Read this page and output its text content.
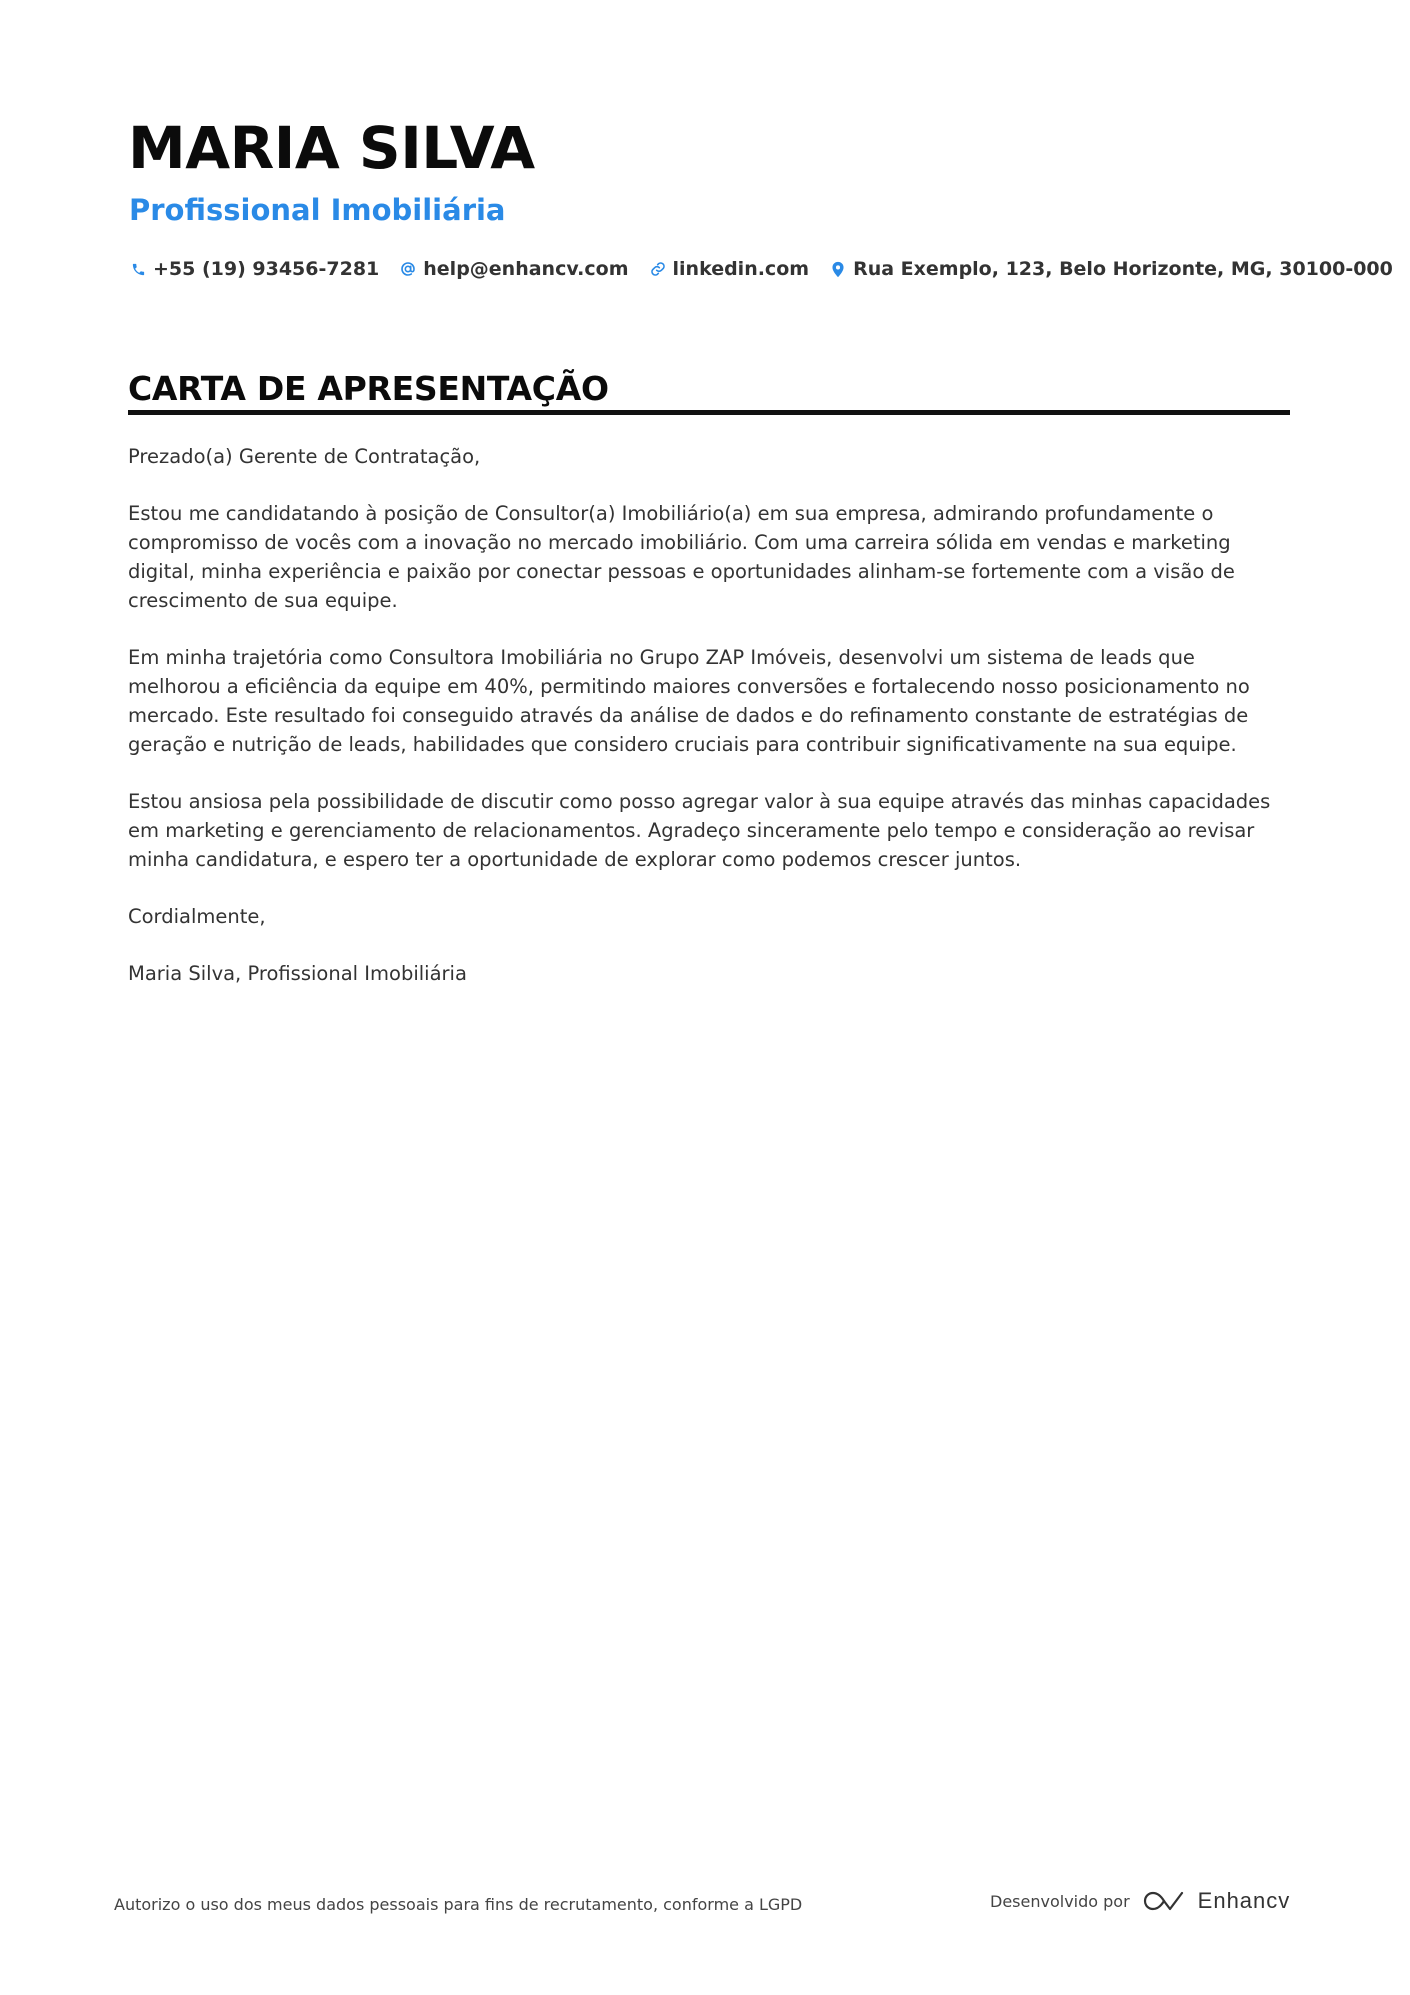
MARIA SILVA
Profissional Imobiliária
+55 (19) 93456-7281 help@enhancv.com linkedin.com Rua Exemplo, 123, Belo Horizonte, MG, 30100-000
CARTA DE APRESENTAÇÃO

Prezado(a) Gerente de Contratação,

Estou me candidatando à posição de Consultor(a) Imobiliário(a) em sua empresa, admirando profundamente o compromisso de vocês com a inovação no mercado imobiliário. Com uma carreira sólida em vendas e marketing digital, minha experiência e paixão por conectar pessoas e oportunidades alinham-se fortemente com a visão de crescimento de sua equipe.

Em minha trajetória como Consultora Imobiliária no Grupo ZAP Imóveis, desenvolvi um sistema de leads que melhorou a eficiência da equipe em 40%, permitindo maiores conversões e fortalecendo nosso posicionamento no mercado. Este resultado foi conseguido através da análise de dados e do refinamento constante de estratégias de geração e nutrição de leads, habilidades que considero cruciais para contribuir significativamente na sua equipe.

Estou ansiosa pela possibilidade de discutir como posso agregar valor à sua equipe através das minhas capacidades em marketing e gerenciamento de relacionamentos. Agradeço sinceramente pelo tempo e consideração ao revisar minha candidatura, e espero ter a oportunidade de explorar como podemos crescer juntos.

Cordialmente,

Maria Silva, Profissional Imobiliária

Autorizo o uso dos meus dados pessoais para fins de recrutamento, conforme a LGPD	Desenvolvido por	Enhancv
